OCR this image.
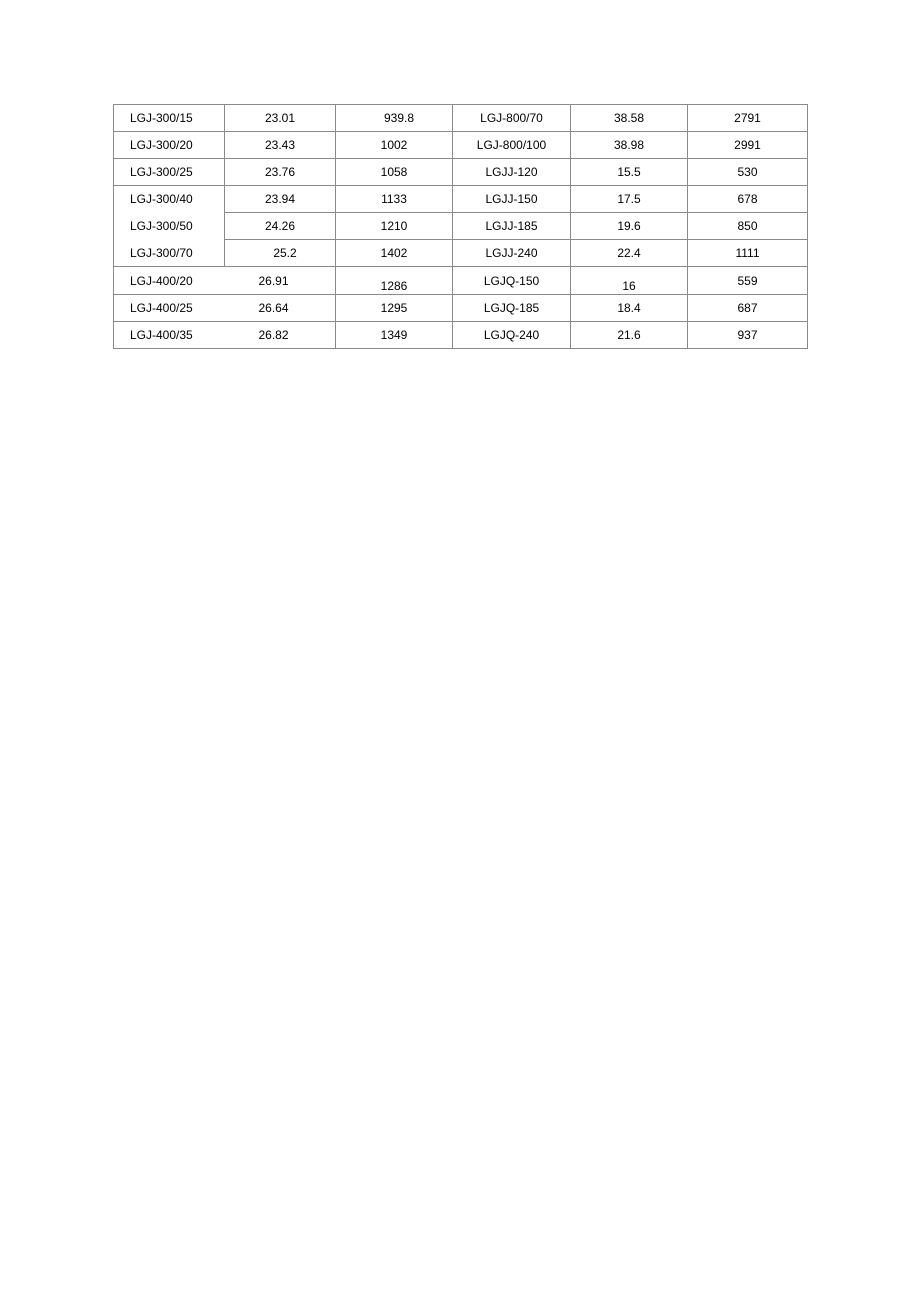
LGJ-300/15	23.01	939.8	LGJ-800/70	38.58	2791
LGJ-300/20	23.43	1002	LGJ-800/100	38.98	2991
LGJ-300/25	23.76	1058	LGJJ-120	15.5	530
LGJ-300/40	23.94	1133	LGJJ-150	17.5	678
LGJ-300/50	24.26	1210	LGJJ-185	19.6	850
LGJ-300/70	25.2	1402	LGJJ-240	22.4	1111
LGJ-400/20	26.91	1286	LGJQ-150	16	559
LGJ-400/25	26.64	1295	LGJQ-185	18.4	687
LGJ-400/35	26.82	1349	LGJQ-240	21.6	937
